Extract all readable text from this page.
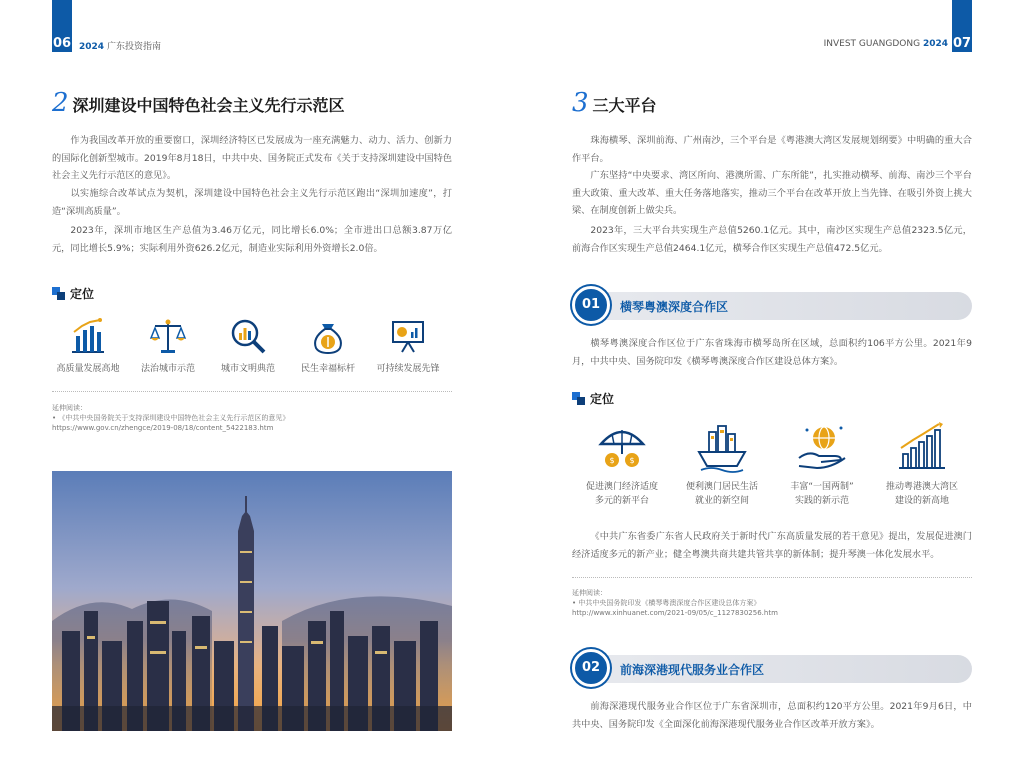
06 2024 广东投资指南	07
INVEST GUANGDONG 2024
2 深圳建设中国特色社会主义先行示范区

作为我国改革开放的重要窗口，深圳经济特区已发展成为一座充满魅力、动力、活力、创新力的国际化创新型城市。2019年8月18日，中共中央、国务院正式发布《关于支持深圳建设中国特色社会主义先行示范区的意见》。

以实施综合改革试点为契机，深圳建设中国特色社会主义先行示范区跑出“深圳加速度”，打造“深圳高质量”。

2023年，深圳市地区生产总值为3.46万亿元，同比增长6.0%；全市进出口总额3.87万亿元，同比增长5.9%；实际利用外资626.2亿元，制造业实际利用外资增长2.0倍。

定位
高质量发展高地	法治城市示范	城市文明典范	民生幸福标杆	可持续发展先锋
延伸阅读：
• 《中共中央国务院关于支持深圳建设中国特色社会主义先行示范区的意见》
https://www.gov.cn/zhengce/2019-08/18/content_5422183.htm
3 三大平台

珠海横琴、深圳前海、广州南沙，三个平台是《粤港澳大湾区发展规划纲要》中明确的重大合作平台。

广东坚持“中央要求、湾区所向、港澳所需、广东所能”，扎实推动横琴、前海、南沙三个平台重大政策、重大改革、重大任务落地落实，推动三个平台在改革开放上当先锋、在吸引外资上挑大梁、在制度创新上做尖兵。

2023年，三大平台共实现生产总值5260.1亿元。其中，南沙区实现生产总值2323.5亿元，前海合作区实现生产总值2464.1亿元，横琴合作区实现生产总值472.5亿元。

01	横琴粤澳深度合作区

横琴粤澳深度合作区位于广东省珠海市横琴岛所在区域，总面积约106平方公里。2021年9月，中共中央、国务院印发《横琴粤澳深度合作区建设总体方案》。

定位
$ $
促进澳门经济适度
多元的新平台
便利澳门居民生活
就业的新空间
丰富“一国两制”
实践的新示范
推动粤港澳大湾区
建设的新高地

《中共广东省委广东省人民政府关于新时代广东高质量发展的若干意见》提出，发展促进澳门经济适度多元的新产业；健全粤澳共商共建共管共享的新体制；提升琴澳一体化发展水平。

延伸阅读：
• 中共中央国务院印发《横琴粤澳深度合作区建设总体方案》
http://www.xinhuanet.com/2021-09/05/c_1127830256.htm
02	前海深港现代服务业合作区

前海深港现代服务业合作区位于广东省深圳市，总面积约120平方公里。2021年9月6日，中共中央、国务院印发《全面深化前海深港现代服务业合作区改革开放方案》。
